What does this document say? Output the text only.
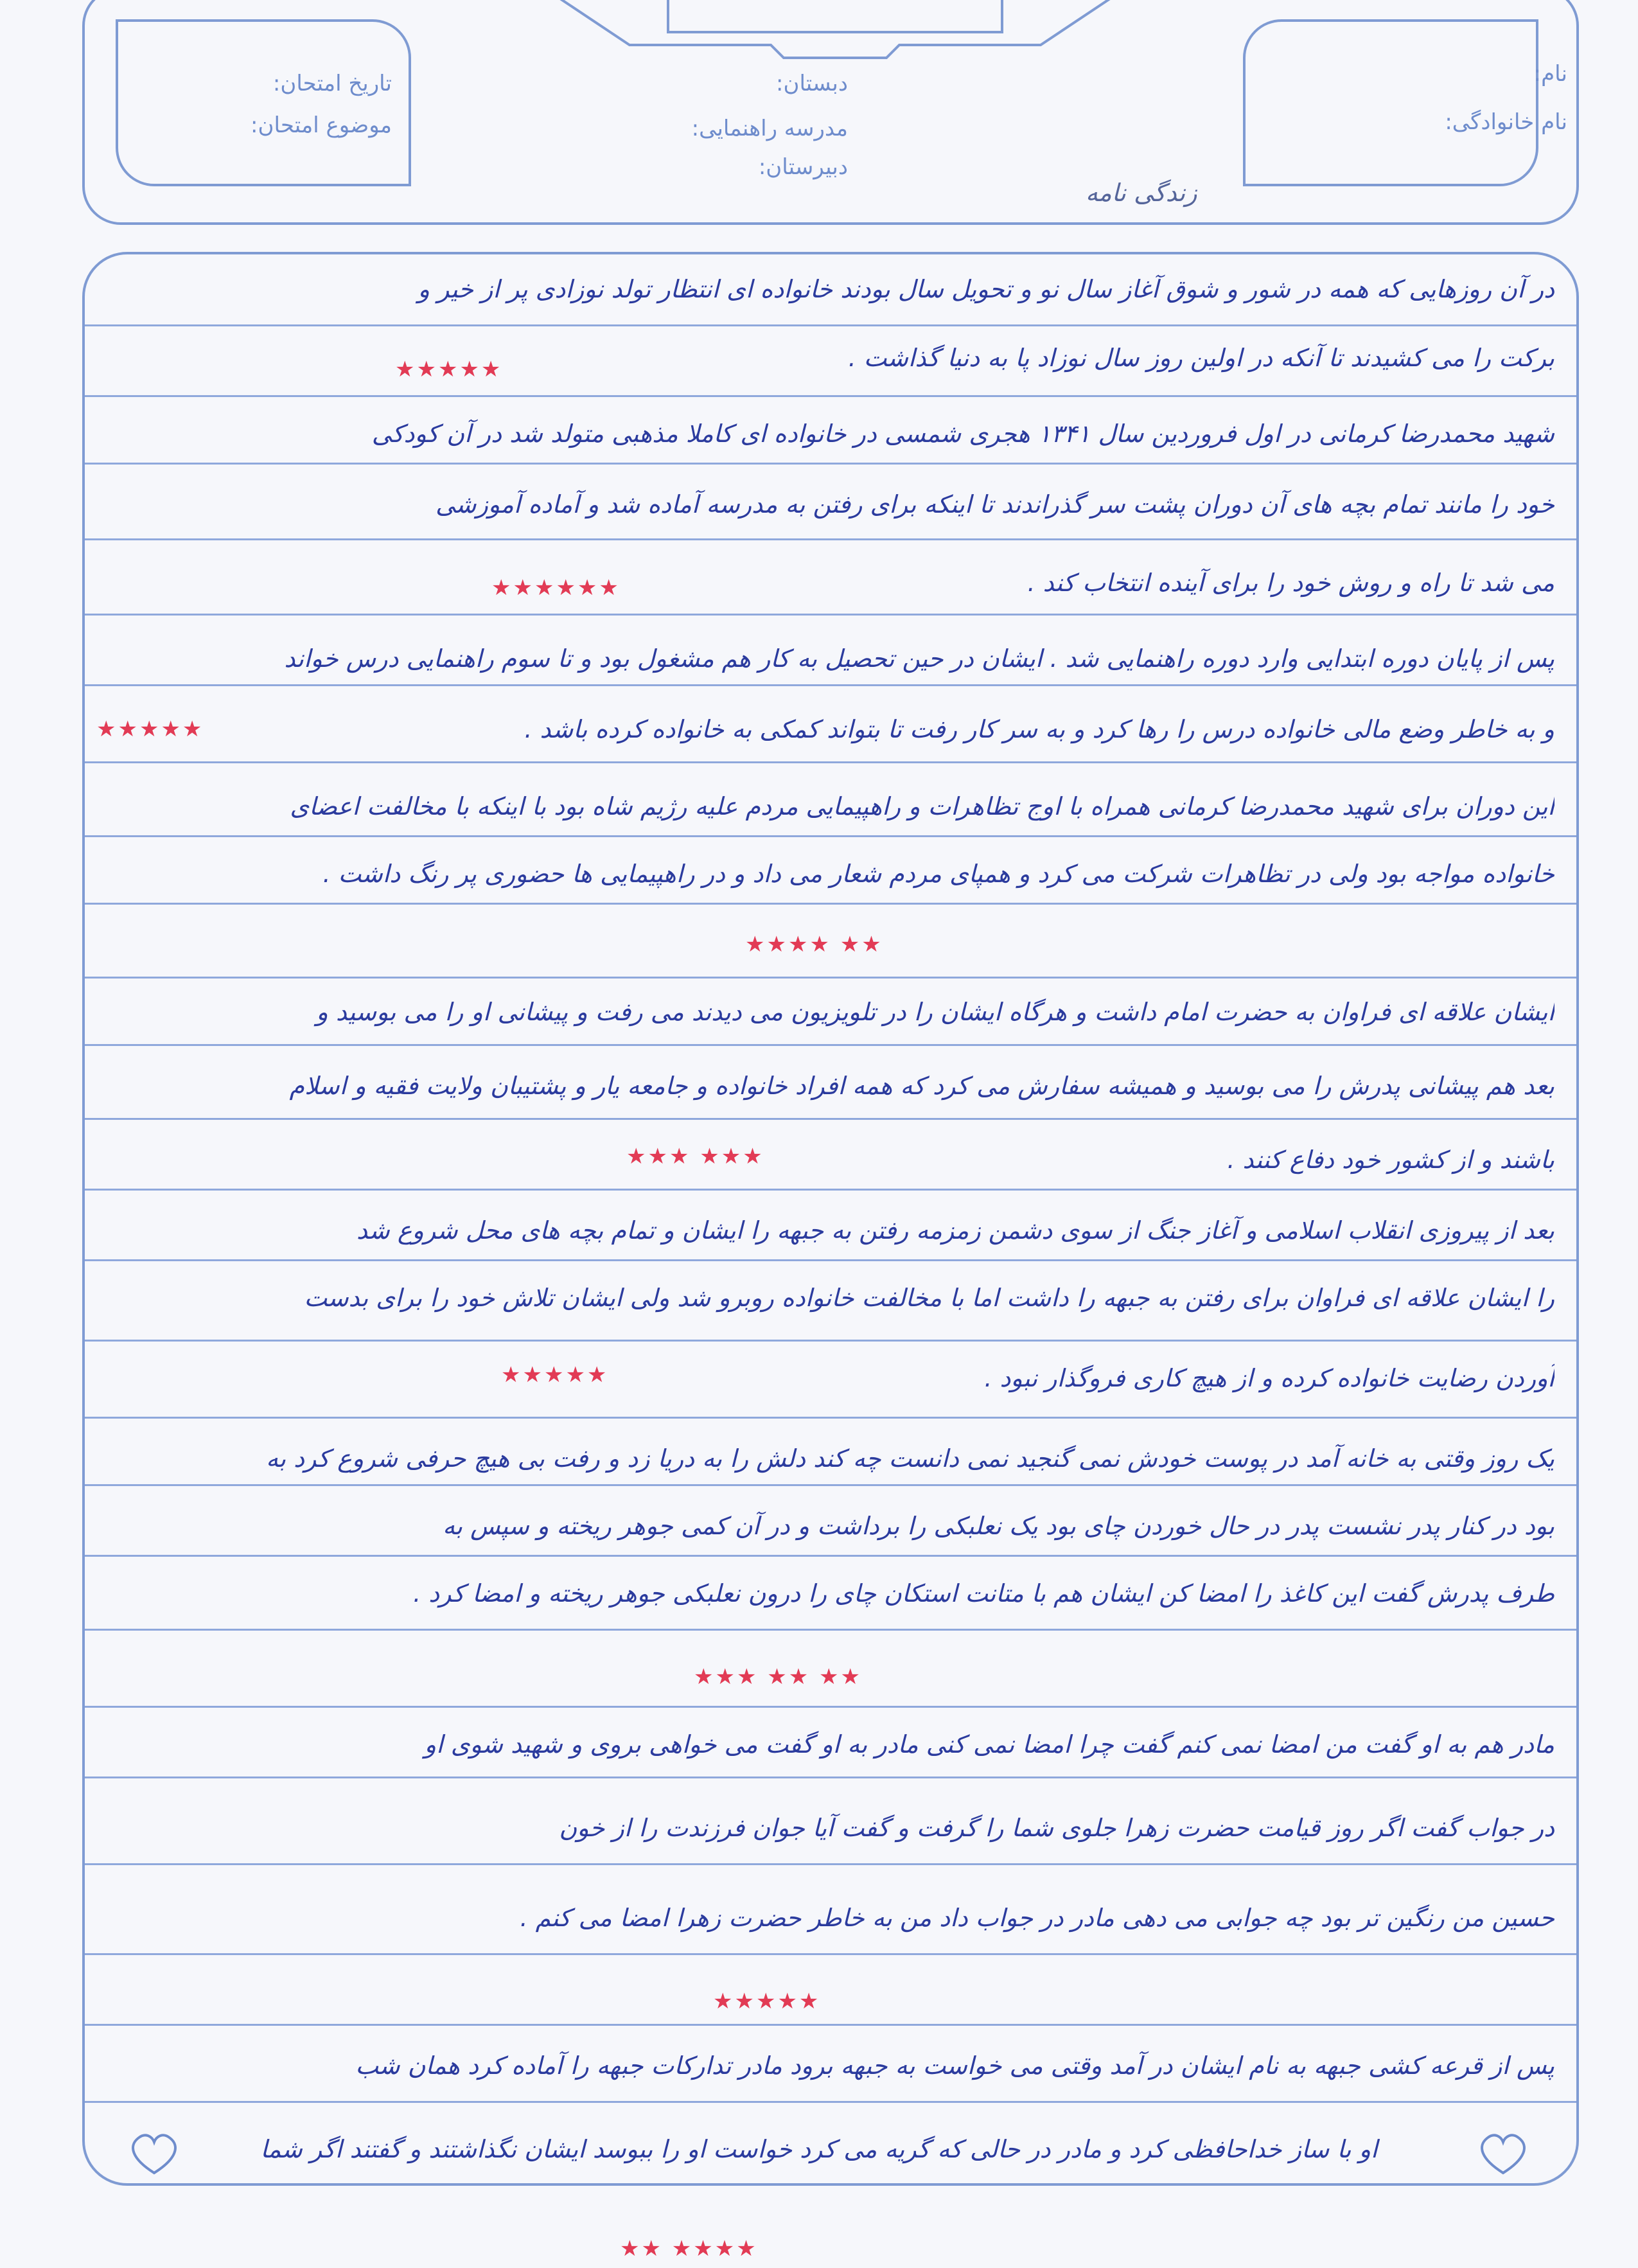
نام:
نام خانوادگی:
دبستان:
مدرسه راهنمایی:
دبیرستان:
تاریخ امتحان:
موضوع امتحان:
زندگی نامه
در آن روزهایی که همه در شور و شوق آغاز سال نو و تحویل سال بودند خانواده ای انتظار تولد نوزادی پر از خیر و
برکت را می کشیدند تا آنکه در اولین روز سال نوزاد پا به دنیا گذاشت .
★★★★★
شهید محمدرضا کرمانی در اول فروردین سال ۱۳۴۱ هجری شمسی در خانواده ای کاملا مذهبی متولد شد در آن کودکی
خود را مانند تمام بچه های آن دوران پشت سر گذراندند تا اینکه برای رفتن به مدرسه آماده شد و آماده آموزشی
می شد تا راه و روش خود را برای آینده انتخاب کند .
★★★★★★
پس از پایان دوره ابتدایی وارد دوره راهنمایی شد . ایشان در حین تحصیل به کار هم مشغول بود و تا سوم راهنمایی درس خواند
و به خاطر وضع مالی خانواده درس را رها کرد و به سر کار رفت تا بتواند کمکی به خانواده کرده باشد .
★★★★★
این دوران برای شهید محمدرضا کرمانی همراه با اوج تظاهرات و راهپیمایی مردم علیه رژیم شاه بود با اینکه با مخالفت اعضای
خانواده مواجه بود ولی در تظاهرات شرکت می کرد و همپای مردم شعار می داد و در راهپیمایی ها حضوری پر رنگ داشت .
★★★★ ★★
ایشان علاقه ای فراوان به حضرت امام داشت و هرگاه ایشان را در تلویزیون می دیدند می رفت و پیشانی او را می بوسید و
بعد هم پیشانی پدرش را می بوسید و همیشه سفارش می کرد که همه افراد خانواده و جامعه یار و پشتیبان ولایت فقیه و اسلام
★★★ ★★★	باشند و از کشور خود دفاع کنند .
بعد از پیروزی انقلاب اسلامی و آغاز جنگ از سوی دشمن زمزمه رفتن به جبهه را ایشان و تمام بچه های محل شروع شد
را ایشان علاقه ای فراوان برای رفتن به جبهه را داشت اما با مخالفت خانواده روبرو شد ولی ایشان تلاش خود را برای بدست
آوردن رضایت خانواده کرده و از هیچ کاری فروگذار نبود .
★★★★★
یک روز وقتی به خانه آمد در پوست خودش نمی گنجید نمی دانست چه کند دلش را به دریا زد و رفت بی هیچ حرفی شروع کرد به
بود در کنار پدر نشست پدر در حال خوردن چای بود یک نعلبکی را برداشت و در آن کمی جوهر ریخته و سپس به
طرف پدرش گفت این کاغذ را امضا کن ایشان هم با متانت استکان چای را درون نعلبکی جوهر ریخته و امضا کرد .
★★★ ★★ ★★
مادر هم به او گفت من امضا نمی کنم گفت چرا امضا نمی کنی مادر به او گفت می خواهی بروی و شهید شوی او
در جواب گفت اگر روز قیامت حضرت زهرا جلوی شما را گرفت و گفت آیا جوان فرزندت را از خون
حسین من رنگین تر بود چه جوابی می دهی مادر در جواب داد من به خاطر حضرت زهرا امضا می کنم .
★★★★★
پس از قرعه کشی جبهه به نام ایشان در آمد وقتی می خواست به جبهه برود مادر تدارکات جبهه را آماده کرد همان شب
او با ساز خداحافظی کرد و مادر در حالی که گریه می کرد خواست او را ببوسد ایشان نگذاشتند و گفتند اگر شما
★★ ★★★★
